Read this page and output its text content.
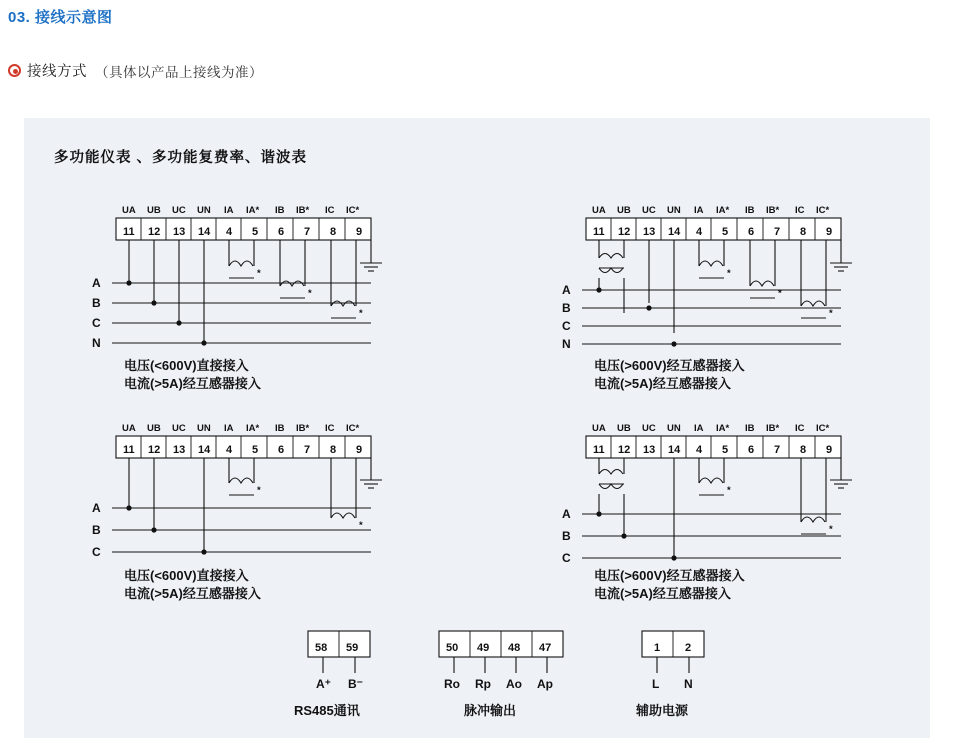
03. 接线示意图
接线方式 （具体以产品上接线为准）
多功能仪表 、多功能复费率、谐波表
UA UB UC UN IA IA* IB IB* IC IC*
11 12 13 14 4 5 6 7 8 9
*
*
*
A
B
C
N
电压(<600V)直接接入
电流(>5A)经互感器接入
UA UB UC UN IA IA* IB IB* IC IC*
11 12 13 14 4 5 6 7 8 9
*
*
*
A
B
C
N
电压(>600V)经互感器接入
电流(>5A)经互感器接入
UA UB UC UN IA IA* IB IB* IC IC*
11 12 13 14 4 5 6 7 8 9
*
*
A
B
C
电压(<600V)直接接入
电流(>5A)经互感器接入
UA UB UC UN IA IA* IB IB* IC IC*
11 12 13 14 4 5 6 7 8 9
*
*
A
B
C
电压(>600V)经互感器接入
电流(>5A)经互感器接入
58 59
A⁺ B⁻
RS485通讯
50 49 48 47
Ro Rp Ao Ap
脉冲输出
1 2
L N
辅助电源
